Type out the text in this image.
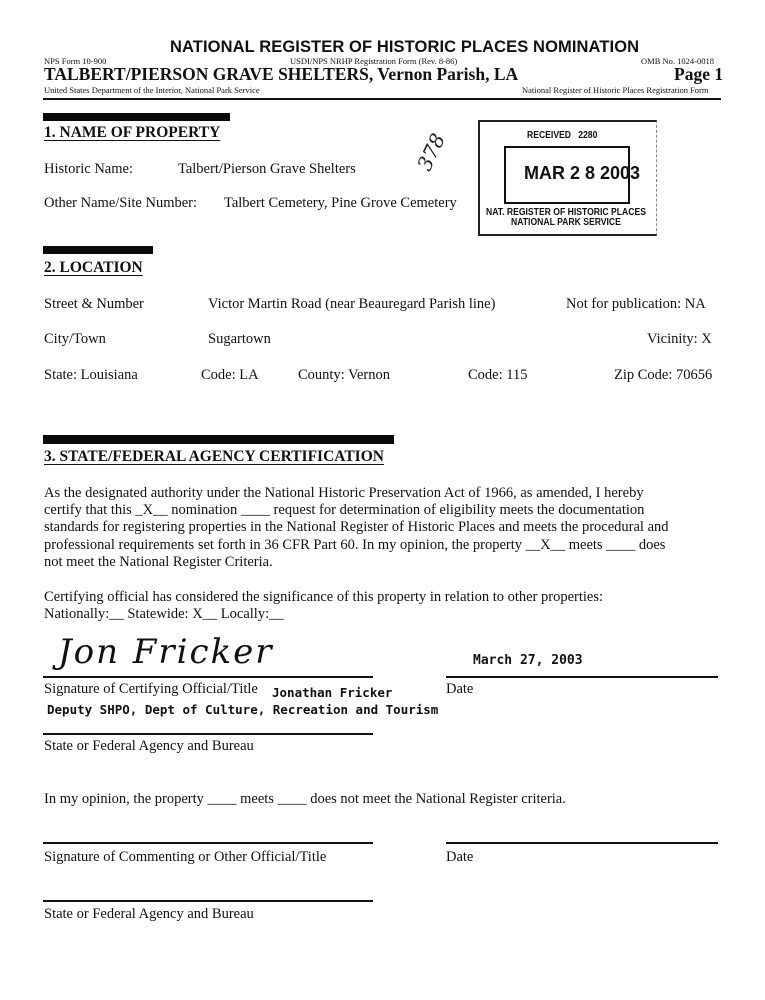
NATIONAL REGISTER OF HISTORIC PLACES NOMINATION
NPS Form 10-900	USDI/NPS NRHP Registration Form (Rev. 8-86)	OMB No. 1024-0018
TALBERT/PIERSON GRAVE SHELTERS, Vernon Parish, LA	Page 1
United States Department of the Interior, National Park Service	National Register of Historic Places Registration Form
1. NAME OF PROPERTY
Historic Name:	Talbert/Pierson Grave Shelters
Other Name/Site Number: Talbert Cemetery, Pine Grove Cemetery
378	RECEIVED 2280
MAR 2 8 2003
NAT. REGISTER OF HISTORIC PLACES
NATIONAL PARK SERVICE
2. LOCATION
Street & Number	Victor Martin Road (near Beauregard Parish line)	Not for publication: NA
City/Town	Sugartown	Vicinity: X
State: Louisiana	Code: LA	County: Vernon	Code: 115	Zip Code: 70656
3. STATE/FEDERAL AGENCY CERTIFICATION
As the designated authority under the National Historic Preservation Act of 1966, as amended, I hereby
certify that this _X__ nomination ____ request for determination of eligibility meets the documentation
standards for registering properties in the National Register of Historic Places and meets the procedural and
professional requirements set forth in 36 CFR Part 60. In my opinion, the property __X__ meets ____ does
not meet the National Register Criteria.
Certifying official has considered the significance of this property in relation to other properties:
Nationally:__ Statewide: X__ Locally:__
Jon Fricker	March 27, 2003
Signature of Certifying Official/Title Jonathan Fricker	Date
Deputy SHPO, Dept of Culture, Recreation and Tourism
State or Federal Agency and Bureau
In my opinion, the property ____ meets ____ does not meet the National Register criteria.
Signature of Commenting or Other Official/Title	Date
State or Federal Agency and Bureau
